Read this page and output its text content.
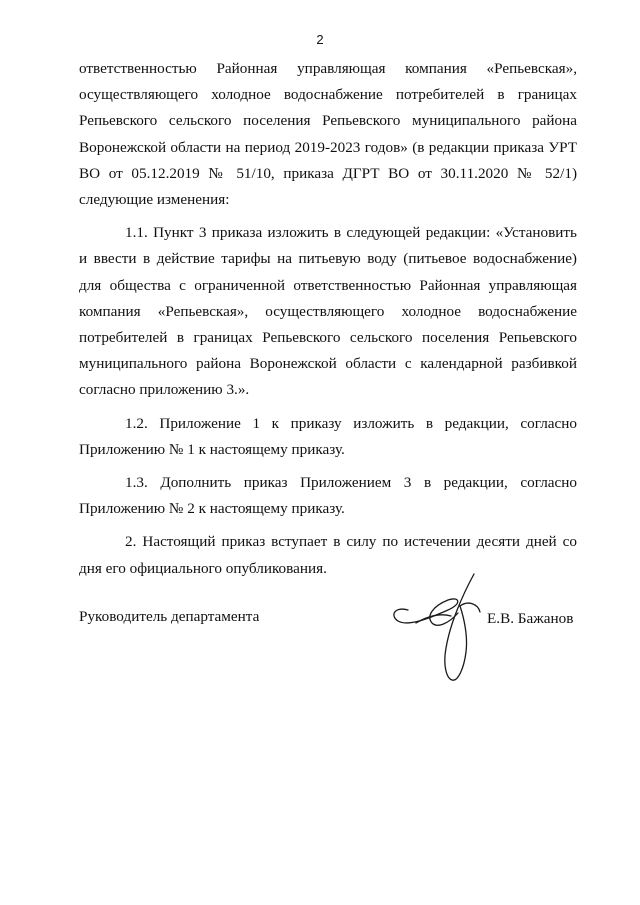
2

ответственностью Районная управляющая компания «Репьевская», осуществляющего холодное водоснабжение потребителей в границах Репьевского сельского поселения Репьевского муниципального района Воронежской области на период 2019-2023 годов» (в редакции приказа УРТ ВО от 05.12.2019 № 51/10, приказа ДГРТ ВО от 30.11.2020 № 52/1) следующие изменения:

1.1. Пункт 3 приказа изложить в следующей редакции: «Установить и ввести в действие тарифы на питьевую воду (питьевое водоснабжение) для общества с ограниченной ответственностью Районная управляющая компания «Репьевская», осуществляющего холодное водоснабжение потребителей в границах Репьевского сельского поселения Репьевского муниципального района Воронежской области с календарной разбивкой согласно приложению 3.».

1.2. Приложение 1 к приказу изложить в редакции, согласно Приложению № 1 к настоящему приказу.

1.3. Дополнить приказ Приложением 3 в редакции, согласно Приложению № 2 к настоящему приказу.

2. Настоящий приказ вступает в силу по истечении десяти дней со дня его официального опубликования.

Руководитель департамента	Е.В. Бажанов
